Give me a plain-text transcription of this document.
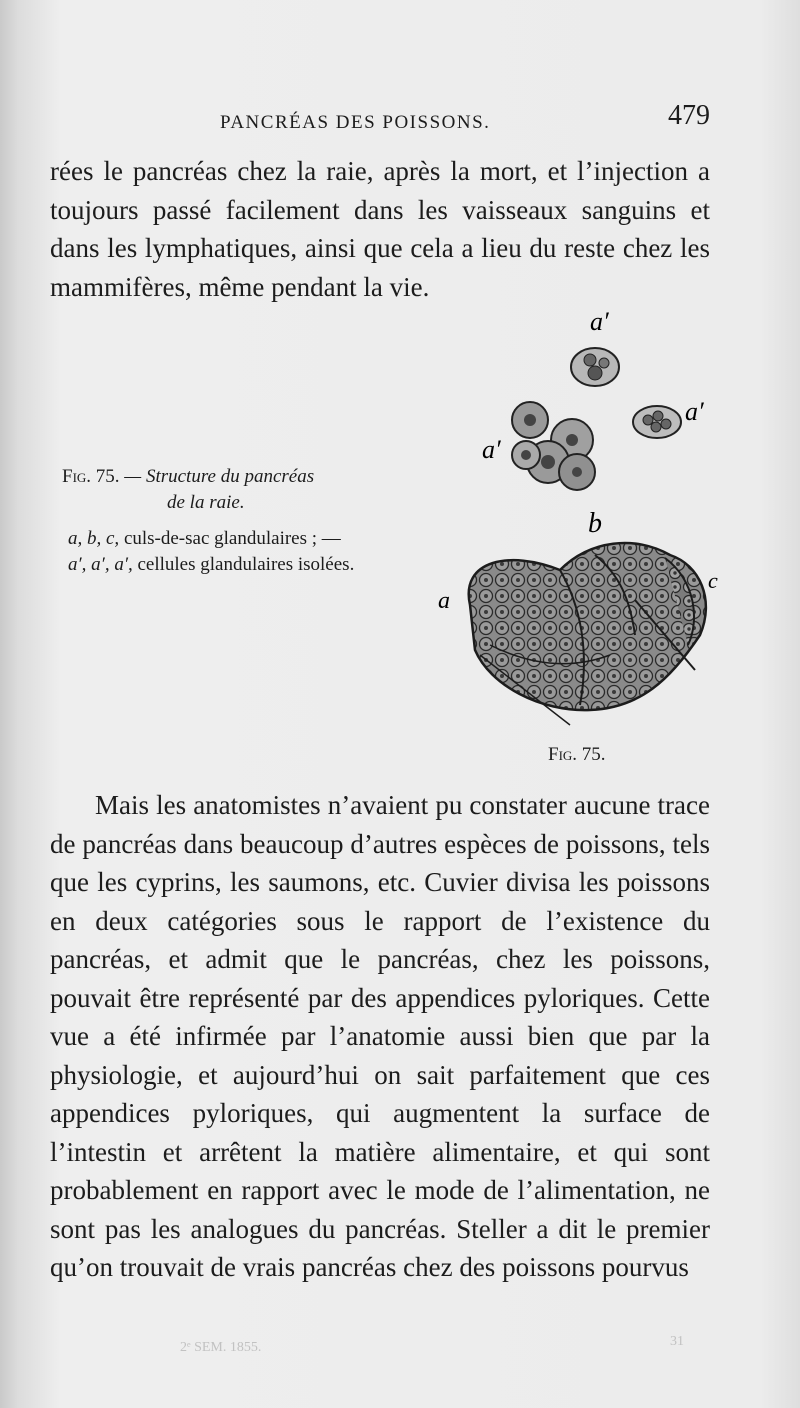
PANCRÉAS DES POISSONS.	479

rées le pancréas chez la raie, après la mort, et l’injection a toujours passé facilement dans les vaisseaux sanguins et dans les lymphatiques, ainsi que cela a lieu du reste chez les mammifères, même pendant la vie.

Fig. 75. — Structure du pancréas

de la raie.

a, b, c, culs-de-sac glandulaires ; —

a′, a′, a′, cellules glandulaires isolées.

a′
a′
a′
b
c
a
Fig. 75.

Mais les anatomistes n’avaient pu constater aucune trace de pancréas dans beaucoup d’autres espèces de poissons, tels que les cyprins, les saumons, etc. Cuvier divisa les poissons en deux catégories sous le rapport de l’existence du pancréas, et admit que le pancréas, chez les poissons, pouvait être représenté par des appendices pyloriques. Cette vue a été infirmée par l’anatomie aussi bien que par la physiologie, et aujourd’hui on sait parfaitement que ces appendices pyloriques, qui augmentent la surface de l’intestin et arrêtent la matière alimentaire, et qui sont probablement en rapport avec le mode de l’alimentation, ne sont pas les analogues du pancréas. Steller a dit le premier qu’on trouvait de vrais pancréas chez des poissons pourvus

2ᵉ SEM. 1855.	31
